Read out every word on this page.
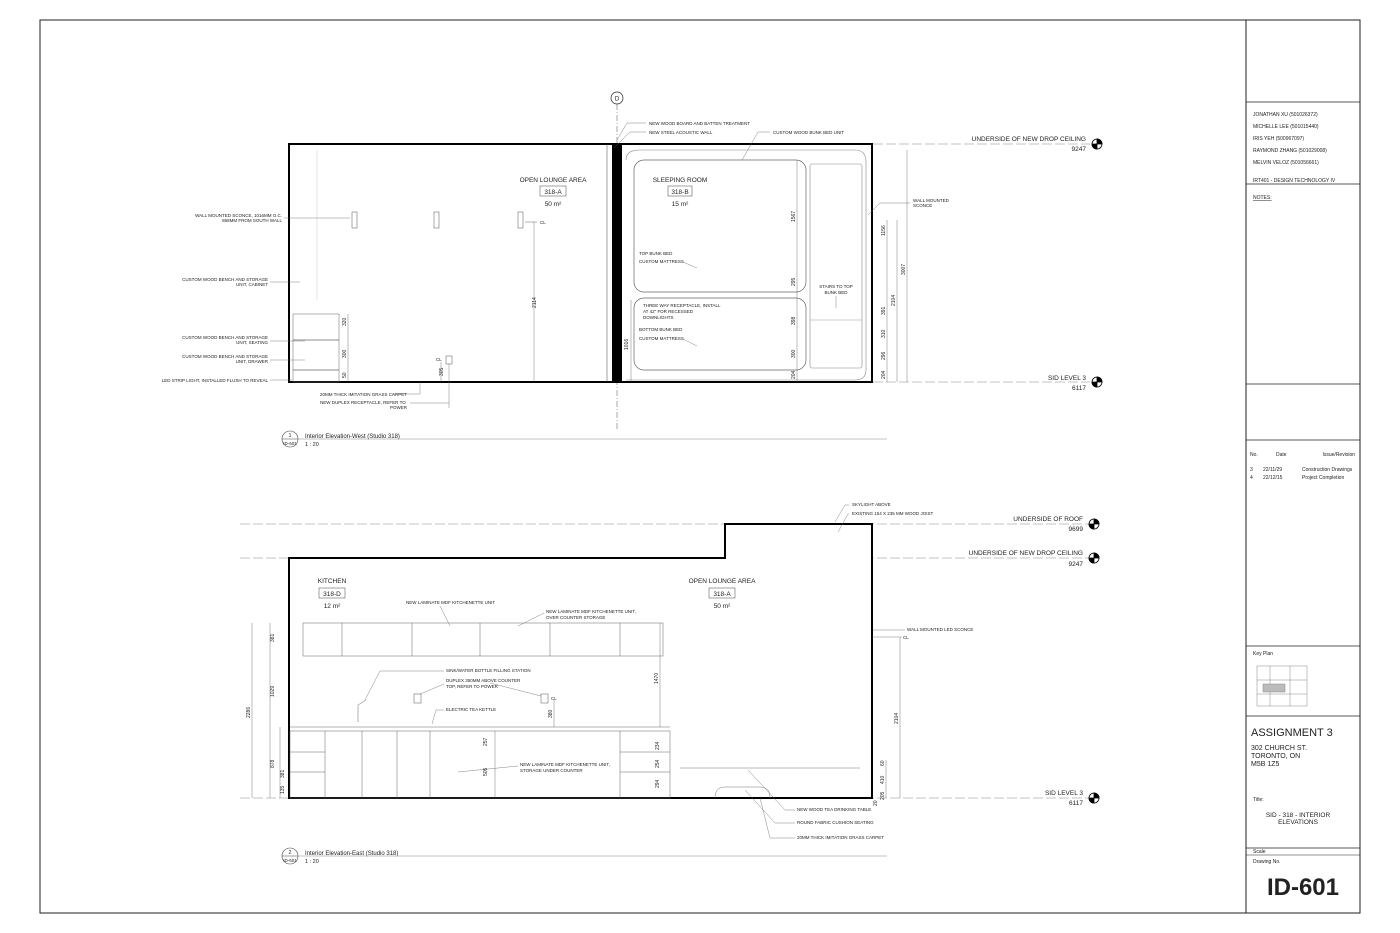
D
OPEN LOUNGE AREA
318-A
50 m²
SLEEPING ROOM
318-B
15 m²
UNDERSIDE OF NEW DROP CEILING
9247
SID LEVEL 3
6117
WALL MOUNTED SCONCE, 1016MM O.C.
868MM FROM SOUTH WALL
CUSTOM WOOD BENCH AND STORAGE
UNIT, CABINET
CUSTOM WOOD BENCH AND STORAGE
UNIT, SEATING
CUSTOM WOOD BENCH AND STORAGE
UNIT, DRAWER
LED STRIP LIGHT, INSTALLED FLUSH TO REVEAL
NEW WOOD BOARD AND BATTEN TREATMENT
NEW STEEL ACOUSTIC WALL	CUSTOM WOOD BUNK BED UNIT
20MM THICK IMITATION GRASS CARPET
NEW DUPLEX RECEPTACLE, REFER TO
POWER
TOP BUNK BED
CUSTOM MATTRESS
THREE WAY RECEPTACLE, INSTALL
AT 42" FOR RECESSED
DOWNLIGHTS
BOTTOM BUNK BED
CUSTOM MATTRESS
STAIRS TO TOP
BUNK BED
WALL MOUNTED
SCONCE
CL
CL
320
300
50	305
2114
1016
1567
295
398
300
204
1156
391
310
296
204
2104
3007
1
ID-601
Interior Elevation-West (Studio 318)
1 : 20
KITCHEN
318-D
12 m²
OPEN LOUNGE AREA
318-A
50 m²
UNDERSIDE OF ROOF
9699
UNDERSIDE OF NEW DROP CEILING
9247
SID LEVEL 3
6117
SKYLIGHT ABOVE
EXISTING 154 X 235 MM WOOD JOIST
NEW LAMINATE MDF KITCHENETTE UNIT
NEW LAMINATE MDF KITCHENETTE UNIT,
OVER COUNTER STORAGE
WALL MOUNTED LED SCONCE
SINK/WATER BOTTLE FILLING STATION
DUPLEX 350MM ABOVE COUNTER
TOP, REFER TO POWER
ELECTRIC TEA KETTLE
NEW LAMINATE MDF KITCHENETTE UNIT,
STORAGE UNDER COUNTER
NEW WOOD TEA DRINKING TABLE
ROUND FABRIC CUSHION SEATING
20MM THICK IMITATION GRASS CARPET
CL
CL
381
1029
2286
878
381
135
1470
380
257	234
254
294
505
2104
60
410
205
20
2
ID-601
Interior Elevation-East (Studio 318)
1 : 20
JONATHAN XU (501026372)
MICHELLE LEE (501015440)
IRIS YEH (500967097)
RAYMOND ZHANG (501029008)
MELVIN VELOZ (501056661)
IRT401 - DESIGN TECHNOLOGY IV
NOTES:
No.	Date	Issue/Revision
3 22/11/29	Construction Drawings
4 22/12/15	Project Completion
Key Plan
ASSIGNMENT 3
302 CHURCH ST.
TORONTO, ON
M5B 1Z5
Title:
SID - 318 - INTERIOR
ELEVATIONS
Scale
Drawing No.
ID-601
